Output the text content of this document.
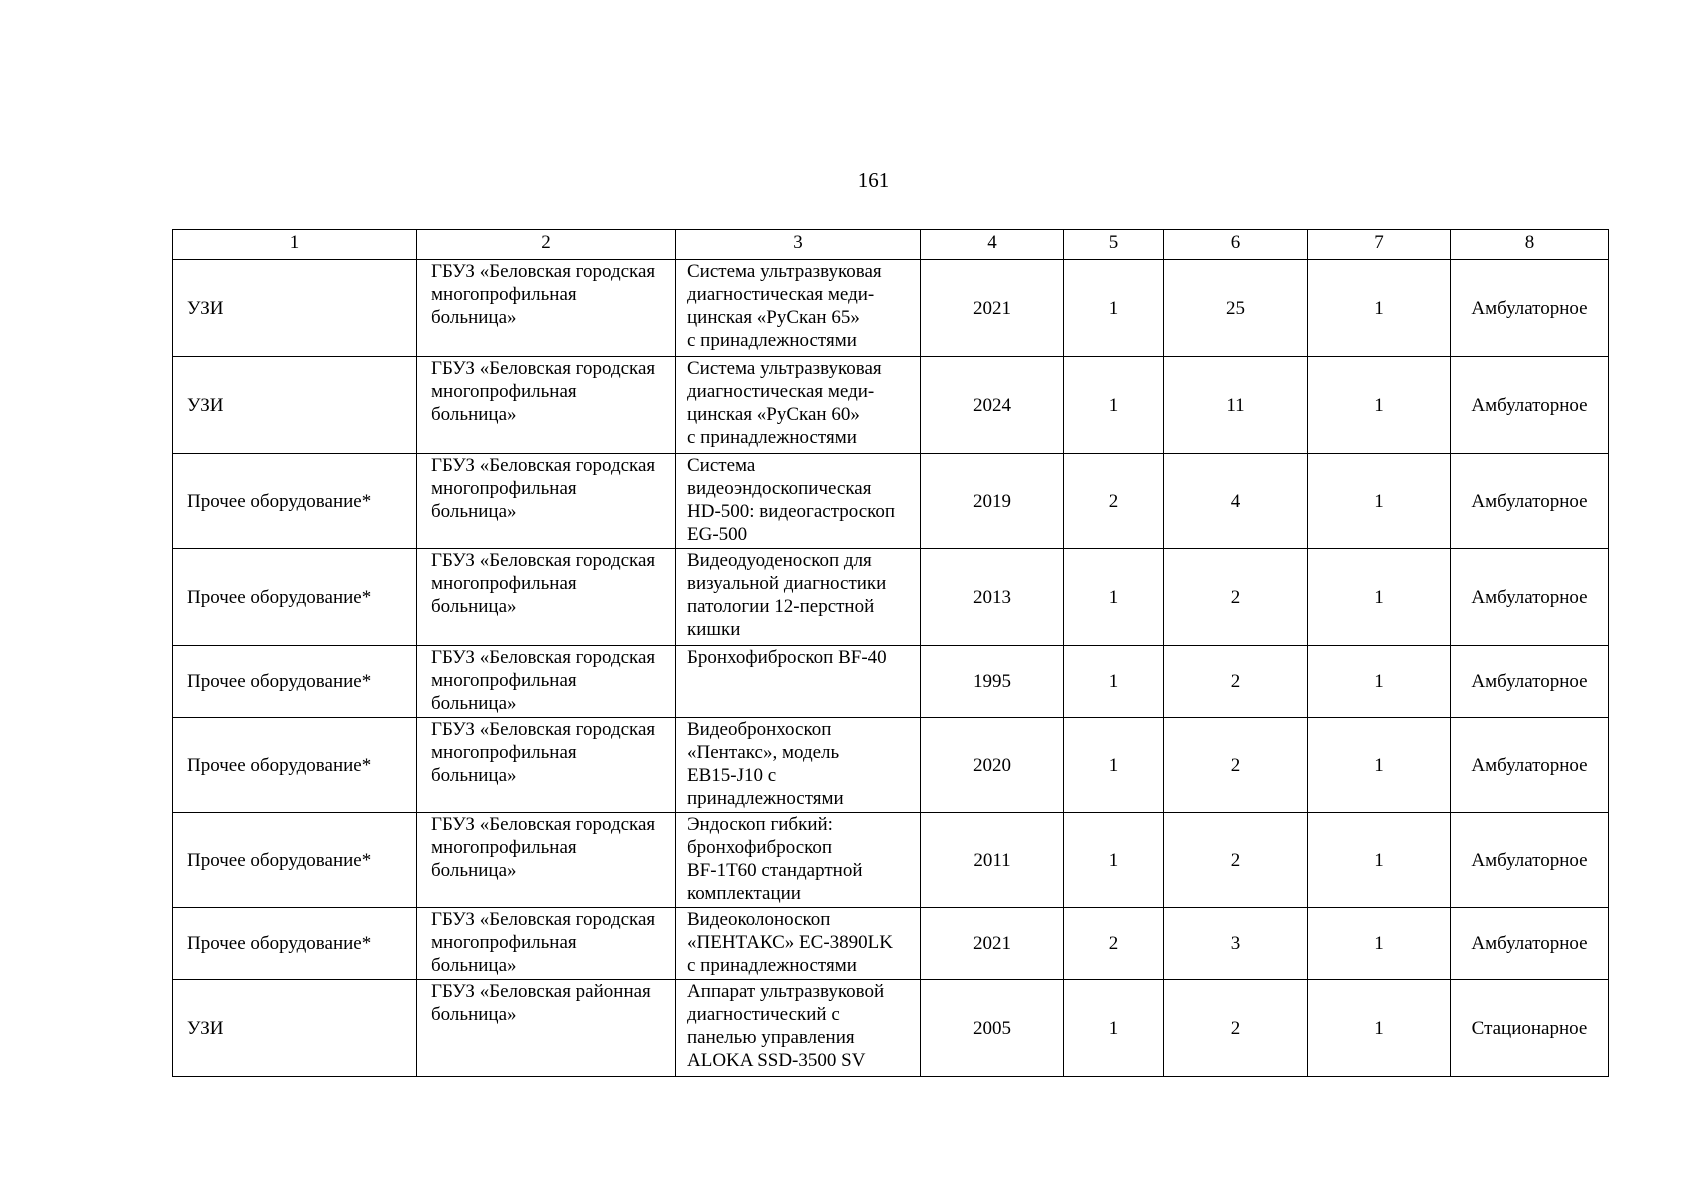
161
1	2	3	4	5	6	7	8
УЗИ	ГБУЗ «Беловская городская
многопрофильная
больница»	Система ультразвуковая
диагностическая меди-
цинская «РуСкан 65»
с принадлежностями	2021	1	25	1	Амбулаторное
УЗИ	ГБУЗ «Беловская городская
многопрофильная
больница»	Система ультразвуковая
диагностическая меди-
цинская «РуСкан 60»
с принадлежностями	2024	1	11	1	Амбулаторное
Прочее оборудование*	ГБУЗ «Беловская городская
многопрофильная
больница»	Система
видеоэндоскопическая
HD-500: видеогастроскоп
EG-500	2019	2	4	1	Амбулаторное
Прочее оборудование*	ГБУЗ «Беловская городская
многопрофильная
больница»	Видеодуоденоскоп для
визуальной диагностики
патологии 12-перстной
кишки	2013	1	2	1	Амбулаторное
Прочее оборудование*	ГБУЗ «Беловская городская
многопрофильная
больница»	Бронхофиброскоп BF-40	1995	1	2	1	Амбулаторное
Прочее оборудование*	ГБУЗ «Беловская городская
многопрофильная
больница»	Видеобронхоскоп
«Пентакс», модель
EB15-J10 с
принадлежностями	2020	1	2	1	Амбулаторное
Прочее оборудование*	ГБУЗ «Беловская городская
многопрофильная
больница»	Эндоскоп гибкий:
бронхофиброскоп
BF-1T60 стандартной
комплектации	2011	1	2	1	Амбулаторное
Прочее оборудование*	ГБУЗ «Беловская городская
многопрофильная
больница»	Видеоколоноскоп
«ПЕНТАКС» EC-3890LK
с принадлежностями	2021	2	3	1	Амбулаторное
УЗИ	ГБУЗ «Беловская районная
больница»	Аппарат ультразвуковой
диагностический с
панелью управления
ALOKA SSD-3500 SV	2005	1	2	1	Стационарное
